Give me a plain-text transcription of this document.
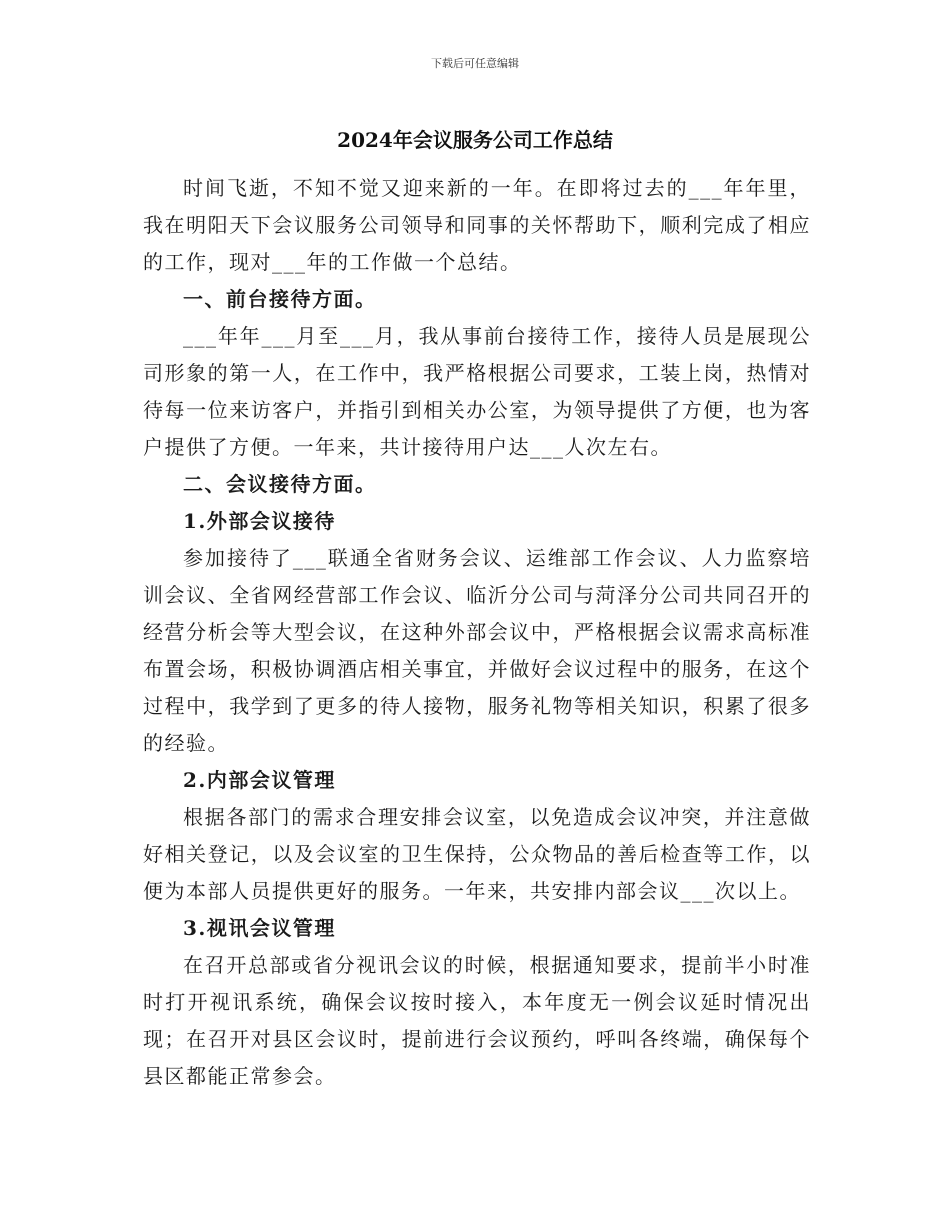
下载后可任意编辑
2024年会议服务公司工作总结

时间飞逝，不知不觉又迎来新的一年。在即将过去的___年年里，我在明阳天下会议服务公司领导和同事的关怀帮助下，顺利完成了相应的工作，现对___年的工作做一个总结。

一、前台接待方面。

___年年___月至___月，我从事前台接待工作，接待人员是展现公司形象的第一人，在工作中，我严格根据公司要求，工装上岗，热情对待每一位来访客户，并指引到相关办公室，为领导提供了方便，也为客户提供了方便。一年来，共计接待用户达___人次左右。

二、会议接待方面。

1.外部会议接待

参加接待了___联通全省财务会议、运维部工作会议、人力监察培训会议、全省网经营部工作会议、临沂分公司与菏泽分公司共同召开的经营分析会等大型会议，在这种外部会议中，严格根据会议需求高标准布置会场，积极协调酒店相关事宜，并做好会议过程中的服务，在这个过程中，我学到了更多的待人接物，服务礼物等相关知识，积累了很多的经验。

2.内部会议管理

根据各部门的需求合理安排会议室，以免造成会议冲突，并注意做好相关登记，以及会议室的卫生保持，公众物品的善后检查等工作，以便为本部人员提供更好的服务。一年来，共安排内部会议___次以上。

3.视讯会议管理

在召开总部或省分视讯会议的时候，根据通知要求，提前半小时准时打开视讯系统，确保会议按时接入，本年度无一例会议延时情况出现；在召开对县区会议时，提前进行会议预约，呼叫各终端，确保每个县区都能正常参会。
